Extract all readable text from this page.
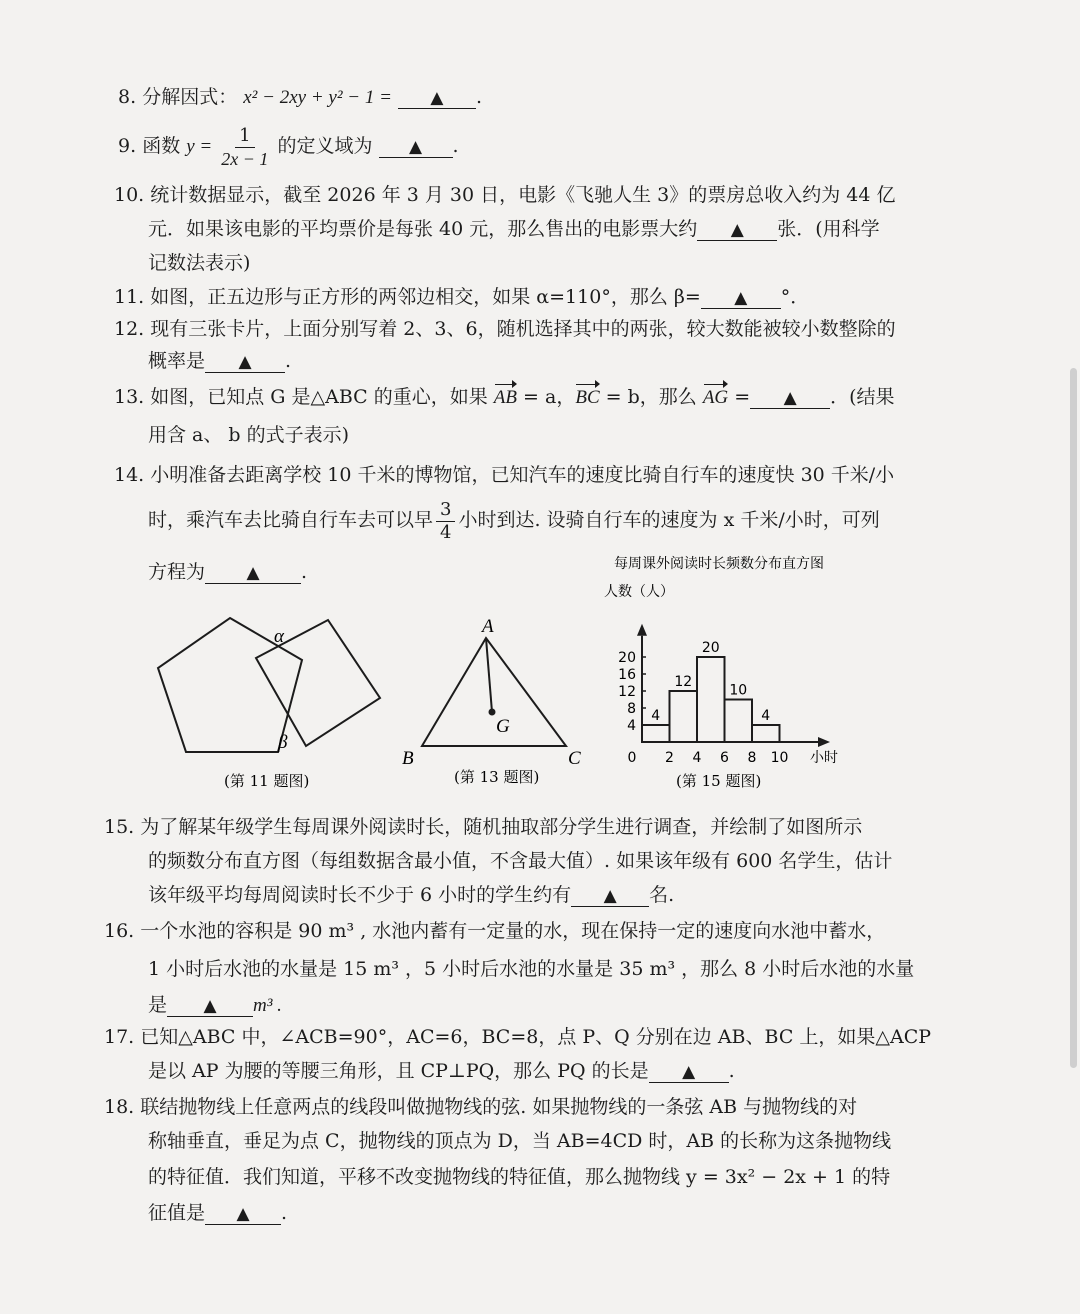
8. 分解因式： x² − 2xy + y² − 1 = ▲ .
9. 函数 $y = \frac{1}{2x - 1}$ 的定义域为 ▲ .
10. 统计数据显示，截至 2026 年 3 月 30 日，电影《飞驰人生 3》的票房总收入约为 44 亿
元．如果该电影的平均票价是每张 40 元，那么售出的电影票大约 ▲ 张．(用科学
记数法表示)
11. 如图，正五边形与正方形的两邻边相交，如果 α=110°，那么 β= ▲ °．
12. 现有三张卡片，上面分别写着 2、3、6，随机选择其中的两张，较大数能被较小数整除的
概率是 ▲ .
13. 如图，已知点 G 是△ABC 的重心，如果 AB = a，BC = b，那么 AG = ▲ ．(结果
用含 a、 b 的式子表示)
14. 小明准备去距离学校 10 千米的博物馆，已知汽车的速度比骑自行车的速度快 30 千米/小
时，乘汽车去比骑自行车去可以早 $\frac{3}{4}$ 小时到达. 设骑自行车的速度为 x 千米/小时，可列
方程为 ▲ .
α
β
(第 11 题图)
A
B	C
G
(第 13 题图)
每周课外阅读时长频数分布直方图
人数（人）
小时
4
12
20
10
4
4
8
12
16
20
0 2 4 6 8 10
(第 15 题图)
15. 为了解某年级学生每周课外阅读时长，随机抽取部分学生进行调查，并绘制了如图所示
的频数分布直方图（每组数据含最小值，不含最大值）. 如果该年级有 600 名学生，估计
该年级平均每周阅读时长不少于 6 小时的学生约有 ▲ 名.
16. 一个水池的容积是 90 m³ , 水池内蓄有一定量的水，现在保持一定的速度向水池中蓄水，
1 小时后水池的水量是 15 m³ ，5 小时后水池的水量是 35 m³ ，那么 8 小时后水池的水量
是 ▲ m³ .
17. 已知△ABC 中，∠ACB=90°，AC=6，BC=8，点 P、Q 分别在边 AB、BC 上，如果△ACP
是以 AP 为腰的等腰三角形，且 CP⊥PQ，那么 PQ 的长是 ▲ .
18. 联结抛物线上任意两点的线段叫做抛物线的弦. 如果抛物线的一条弦 AB 与抛物线的对
称轴垂直，垂足为点 C，抛物线的顶点为 D，当 AB=4CD 时，AB 的长称为这条抛物线
的特征值．我们知道，平移不改变抛物线的特征值，那么抛物线 y = 3x² − 2x + 1 的特
征值是 ▲ .
